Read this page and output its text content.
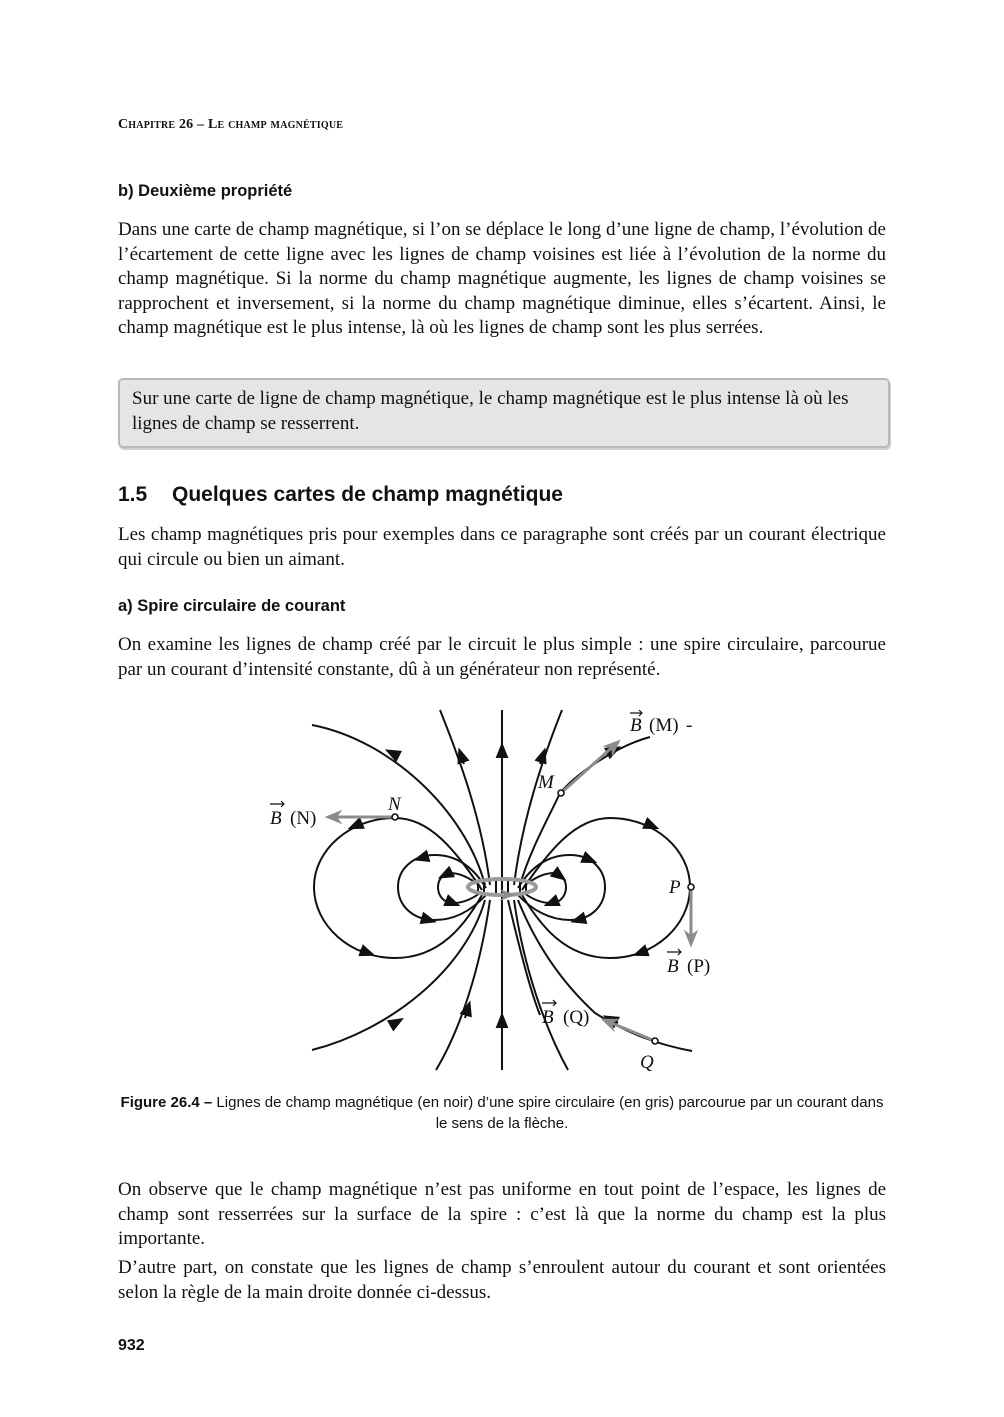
Chapitre 26 – Le champ magnétique
b) Deuxième propriété
Dans une carte de champ magnétique, si l’on se déplace le long d’une ligne de champ, l’évolution de l’écartement de cette ligne avec les lignes de champ voisines est liée à l’évolution de la norme du champ magnétique. Si la norme du champ magnétique augmente, les lignes de champ voisines se rapprochent et inversement, si la norme du champ magnétique diminue, elles s’écartent. Ainsi, le champ magnétique est le plus intense, là où les lignes de champ sont les plus serrées.
Sur une carte de ligne de champ magnétique, le champ magnétique est le plus intense là où les lignes de champ se resserrent.
1.5 Quelques cartes de champ magnétique
Les champ magnétiques pris pour exemples dans ce paragraphe sont créés par un courant électrique qui circule ou bien un aimant.
a) Spire circulaire de courant
On examine les lignes de champ créé par le circuit le plus simple : une spire circulaire, parcourue par un courant d’intensité constante, dû à un générateur non représenté.
Figure 26.4 – Lignes de champ magnétique (en noir) d’une spire circulaire (en gris) parcourue par un courant dans le sens de la flèche.
On observe que le champ magnétique n’est pas uniforme en tout point de l’espace, les lignes de champ sont resserrées sur la surface de la spire : c’est là que la norme du champ est la plus importante.
D’autre part, on constate que les lignes de champ s’enroulent autour du courant et sont orientées selon la règle de la main droite donnée ci-dessus.
932
M
N
P
Q
B (M) -
B (N)
B (P)
B (Q)
